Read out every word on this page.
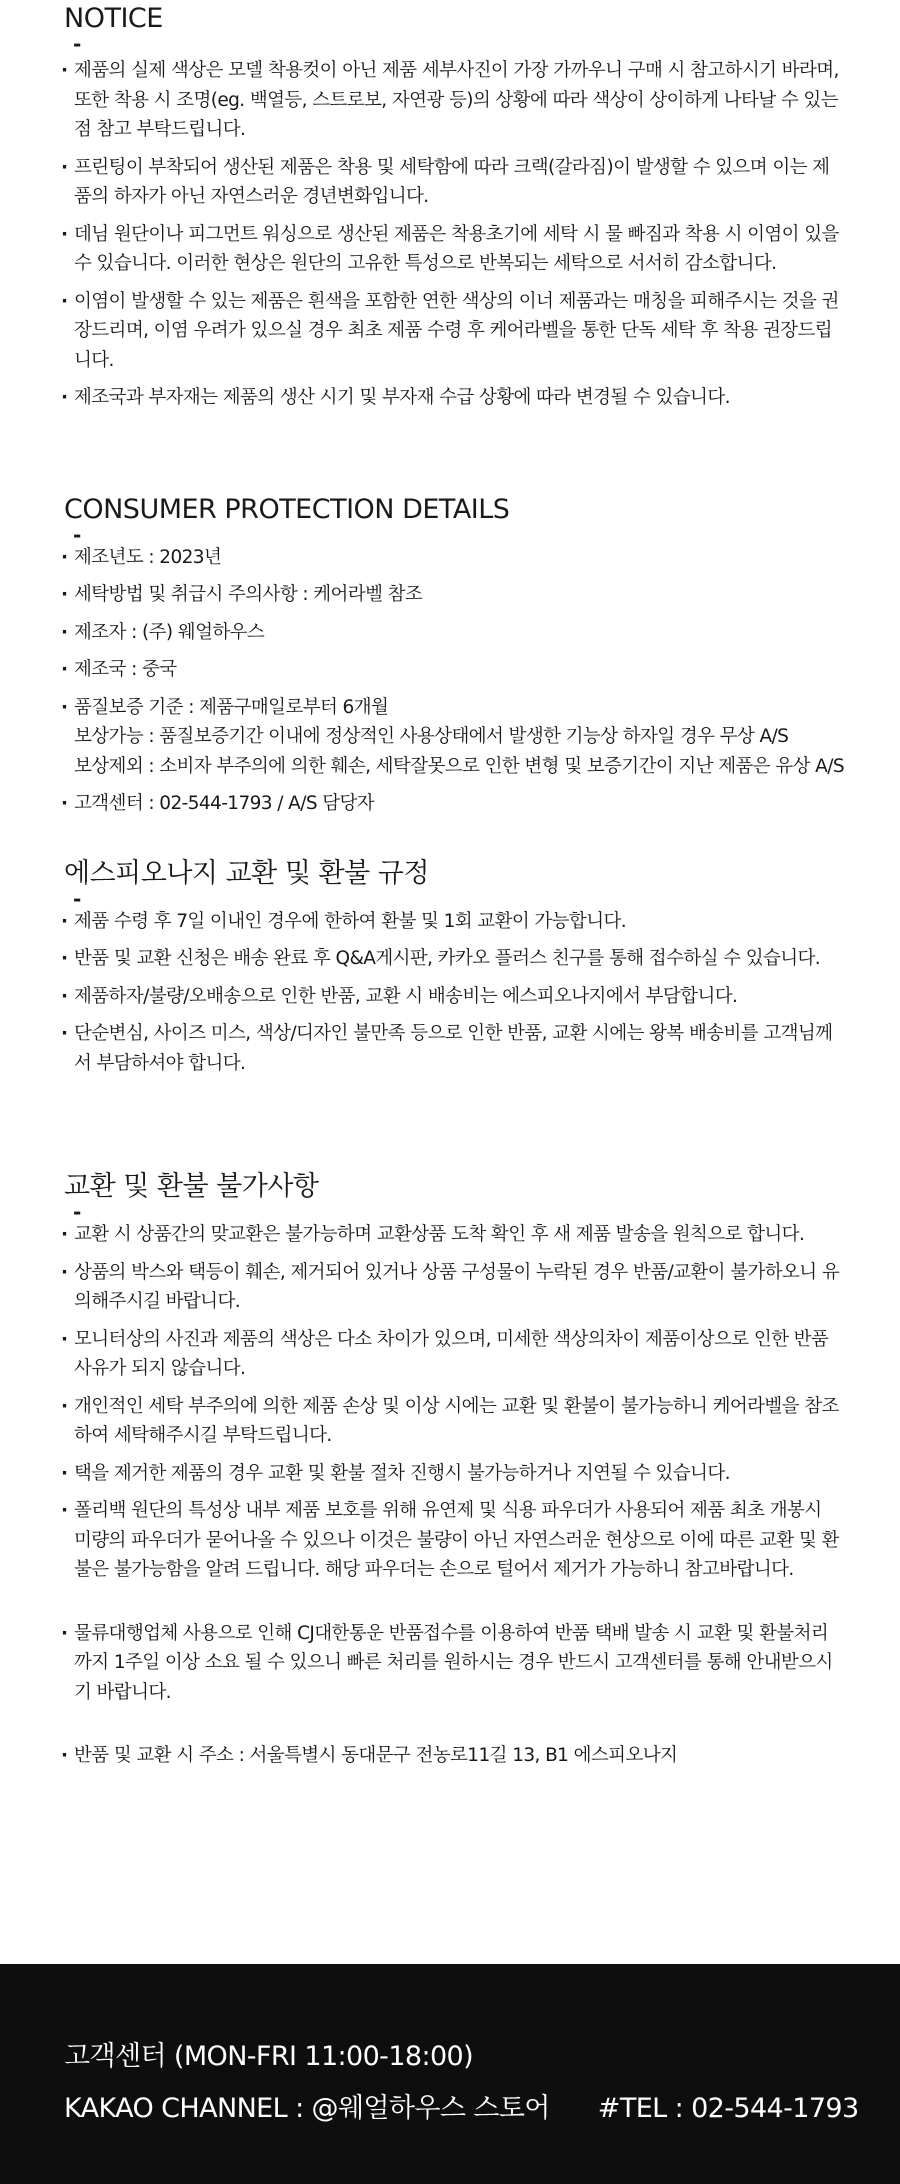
NOTICE
-
· 제품의 실제 색상은 모델 착용컷이 아닌 제품 세부사진이 가장 가까우니 구매 시 참고하시기 바라며, 또한 착용 시 조명(eg. 백열등, 스트로보, 자연광 등)의 상황에 따라 색상이 상이하게 나타날 수 있는 점 참고 부탁드립니다.
· 프린팅이 부착되어 생산된 제품은 착용 및 세탁함에 따라 크랙(갈라짐)이 발생할 수 있으며 이는 제품의 하자가 아닌 자연스러운 경년변화입니다.
· 데님 원단이나 피그먼트 워싱으로 생산된 제품은 착용초기에 세탁 시 물 빠짐과 착용 시 이염이 있을 수 있습니다. 이러한 현상은 원단의 고유한 특성으로 반복되는 세탁으로 서서히 감소합니다.
· 이염이 발생할 수 있는 제품은 흰색을 포함한 연한 색상의 이너 제품과는 매칭을 피해주시는 것을 권장드리며, 이염 우려가 있으실 경우 최초 제품 수령 후 케어라벨을 통한 단독 세탁 후 착용 권장드립니다.
· 제조국과 부자재는 제품의 생산 시기 및 부자재 수급 상황에 따라 변경될 수 있습니다.
CONSUMER PROTECTION DETAILS
-
· 제조년도 : 2023년
· 세탁방법 및 취급시 주의사항 : 케어라벨 참조
· 제조자 : (주) 웨얼하우스
· 제조국 : 중국
· 품질보증 기준 : 제품구매일로부터 6개월
보상가능 : 품질보증기간 이내에 정상적인 사용상태에서 발생한 기능상 하자일 경우 무상 A/S
보상제외 : 소비자 부주의에 의한 훼손, 세탁잘못으로 인한 변형 및 보증기간이 지난 제품은 유상 A/S
· 고객센터 : 02-544-1793 / A/S 담당자
에스피오나지 교환 및 환불 규정
-
· 제품 수령 후 7일 이내인 경우에 한하여 환불 및 1회 교환이 가능합니다.
· 반품 및 교환 신청은 배송 완료 후 Q&A게시판, 카카오 플러스 친구를 통해 접수하실 수 있습니다.
· 제품하자/불량/오배송으로 인한 반품, 교환 시 배송비는 에스피오나지에서 부담합니다.
· 단순변심, 사이즈 미스, 색상/디자인 불만족 등으로 인한 반품, 교환 시에는 왕복 배송비를 고객님께서 부담하셔야 합니다.
교환 및 환불 불가사항
-
· 교환 시 상품간의 맞교환은 불가능하며 교환상품 도착 확인 후 새 제품 발송을 원칙으로 합니다.
· 상품의 박스와 택등이 훼손, 제거되어 있거나 상품 구성물이 누락된 경우 반품/교환이 불가하오니 유의해주시길 바랍니다.
· 모니터상의 사진과 제품의 색상은 다소 차이가 있으며, 미세한 색상의차이 제품이상으로 인한 반품사유가 되지 않습니다.
· 개인적인 세탁 부주의에 의한 제품 손상 및 이상 시에는 교환 및 환불이 불가능하니 케어라벨을 참조하여 세탁해주시길 부탁드립니다.
· 택을 제거한 제품의 경우 교환 및 환불 절차 진행시 불가능하거나 지연될 수 있습니다.
· 폴리백 원단의 특성상 내부 제품 보호를 위해 유연제 및 식용 파우더가 사용되어 제품 최초 개봉시 미량의 파우더가 묻어나올 수 있으나 이것은 불량이 아닌 자연스러운 현상으로 이에 따른 교환 및 환불은 불가능함을 알려 드립니다. 해당 파우더는 손으로 털어서 제거가 가능하니 참고바랍니다.
· 물류대행업체 사용으로 인해 CJ대한통운 반품접수를 이용하여 반품 택배 발송 시 교환 및 환불처리까지 1주일 이상 소요 될 수 있으니 빠른 처리를 원하시는 경우 반드시 고객센터를 통해 안내받으시기 바랍니다.
· 반품 및 교환 시 주소 : 서울특별시 동대문구 전농로11길 13, B1 에스피오나지
고객센터 (MON-FRI 11:00-18:00)
KAKAO CHANNEL : @웨얼하우스 스토어 #TEL : 02-544-1793
